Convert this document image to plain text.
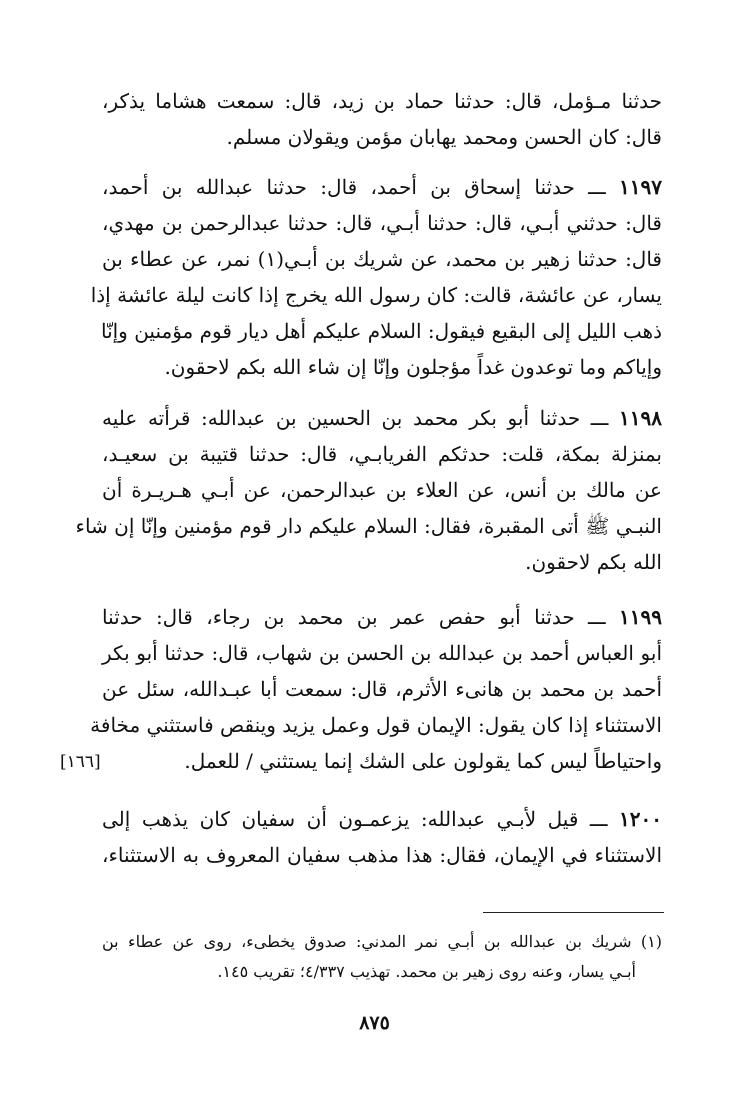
حدثنا مـؤمل، قال: حدثنا حماد بن زيد، قال: سمعت هشاما يذكر،
قال: كان الحسن ومحمد يهابان مؤمن ويقولان مسلم.
١١٩٧ ـــ حدثنا إسحاق بن أحمد، قال: حدثنا عبدالله بن أحمد،
قال: حدثني أبـي، قال: حدثنا أبـي، قال: حدثنا عبدالرحمن بن مهدي،
قال: حدثنا زهير بن محمد، عن شريك بن أبـي(١) نمر، عن عطاء بن
يسار، عن عائشة، قالت: كان رسول الله يخرج إذا كانت ليلة عائشة إذا
ذهب الليل إلى البقيع فيقول: السلام عليكم أهل ديار قوم مؤمنين وإنّا
وإياكم وما توعدون غداً مؤجلون وإنّا إن شاء الله بكم لاحقون.
١١٩٨ ـــ حدثنا أبو بكر محمد بن الحسين بن عبدالله: قرأته عليه
بمنزلة بمكة، قلت: حدثكم الفريابـي، قال: حدثنا قتيبة بن سعيـد،
عن مالك بن أنس، عن العلاء بن عبدالرحمن، عن أبـي هـريـرة أن
النبـي ﷺ أتى المقبرة، فقال: السلام عليكم دار قوم مؤمنين وإنّا إن شاء
الله بكم لاحقون.
١١٩٩ ـــ حدثنا أبو حفص عمر بن محمد بن رجاء، قال: حدثنا
أبو العباس أحمد بن عبدالله بن الحسن بن شهاب، قال: حدثنا أبو بكر
أحمد بن محمد بن هانىء الأثرم، قال: سمعت أبا عبـدالله، سئل عن
الاستثناء إذا كان يقول: الإيمان قول وعمل يزيد وينقص فاستثني مخافة
واحتياطاً ليس كما يقولون على الشك إنما يستثني / للعمل.
[١٦٦]
١٢٠٠ ـــ قيل لأبـي عبدالله: يزعمـون أن سفيان كان يذهب إلى
الاستثناء في الإيمان، فقال: هذا مذهب سفيان المعروف به الاستثناء،
(١) شريك بن عبدالله بن أبـي نمر المدني: صدوق يخطىء، روى عن عطاء بن
أبـي يسار، وعنه روى زهير بن محمد. تهذيب ٤/٣٣٧؛ تقريب ١٤٥.
٨٧٥
